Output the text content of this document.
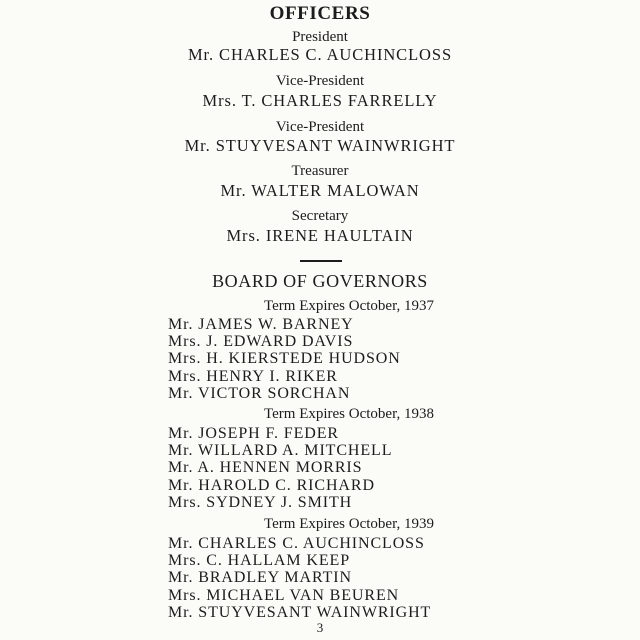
OFFICERS
President
Mr. CHARLES C. AUCHINCLOSS
Vice-President
Mrs. T. CHARLES FARRELLY
Vice-President
Mr. STUYVESANT WAINWRIGHT
Treasurer
Mr. WALTER MALOWAN
Secretary
Mrs. IRENE HAULTAIN
BOARD OF GOVERNORS
Term Expires October, 1937
Mr. JAMES W. BARNEY
Mrs. J. EDWARD DAVIS
Mrs. H. KIERSTEDE HUDSON
Mrs. HENRY I. RIKER
Mr. VICTOR SORCHAN
Term Expires October, 1938
Mr. JOSEPH F. FEDER
Mr. WILLARD A. MITCHELL
Mr. A. HENNEN MORRIS
Mr. HAROLD C. RICHARD
Mrs. SYDNEY J. SMITH
Term Expires October, 1939
Mr. CHARLES C. AUCHINCLOSS
Mrs. C. HALLAM KEEP
Mr. BRADLEY MARTIN
Mrs. MICHAEL VAN BEUREN
Mr. STUYVESANT WAINWRIGHT
3
